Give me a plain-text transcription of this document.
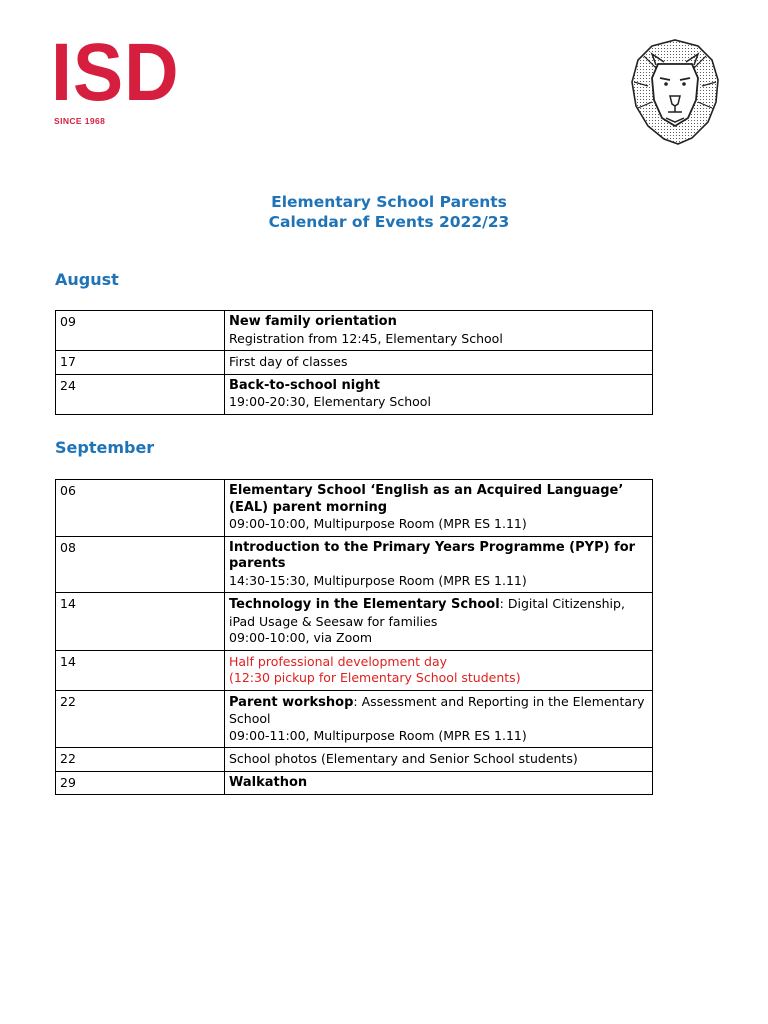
ISD
SINCE 1968
Elementary School Parents
Calendar of Events 2022/23
August
09	New family orientation
Registration from 12:45, Elementary School

17	First day of classes

24	Back-to-school night
19:00-20:30, Elementary School
September
06	Elementary School ‘English as an Acquired Language’ (EAL) parent morning
09:00-10:00, Multipurpose Room (MPR ES 1.11)

08	Introduction to the Primary Years Programme (PYP) for parents
14:30-15:30, Multipurpose Room (MPR ES 1.11)

14	Technology in the Elementary School: Digital Citizenship, iPad Usage & Seesaw for families
09:00-10:00, via Zoom

14	Half professional development day
(12:30 pickup for Elementary School students)

22	Parent workshop: Assessment and Reporting in the Elementary School
09:00-11:00, Multipurpose Room (MPR ES 1.11)

22	School photos (Elementary and Senior School students)

29	Walkathon
